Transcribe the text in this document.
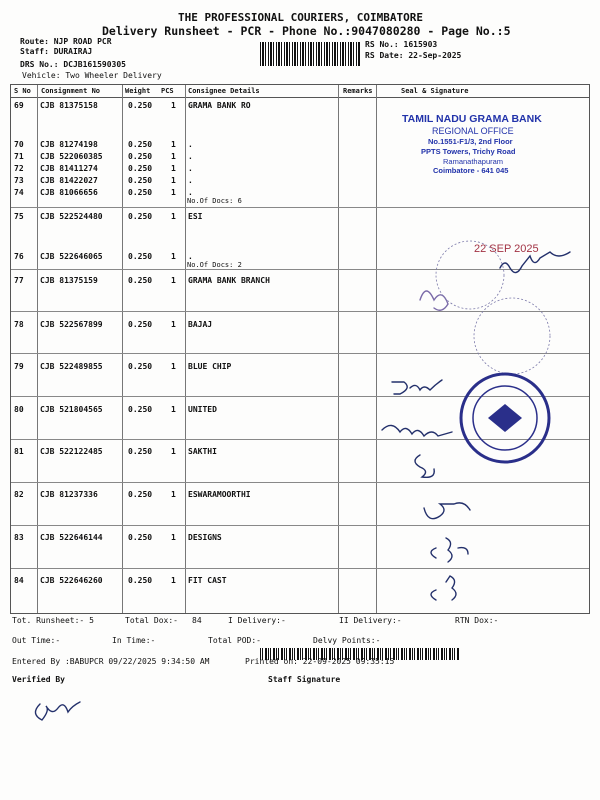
THE PROFESSIONAL COURIERS, COIMBATORE
Delivery Runsheet - PCR - Phone No.:9047080280 - Page No.:5
Route: NJP ROAD PCR
Staff: DURAIRAJ
DRS No.: DCJB161590305
Vehicle: Two Wheeler Delivery
RS No.: 1615903
RS Date: 22-Sep-2025
S No Consignment No	Weight PCS Consignee Details	Remarks	Seal & Signature
69 CJB 81375158	0.250 1 GRAMA BANK RO
70 CJB 81274198	0.250 1 .
71 CJB 522060385	0.250 1 .
72 CJB 81411274	0.250 1 .
73 CJB 81422027	0.250 1 .
74 CJB 81066656	0.250 1 .
75 CJB 522524480	0.250 1 ESI
76 CJB 522646065	0.250 1 .
77 CJB 81375159	0.250 1 GRAMA BANK BRANCH
78 CJB 522567899	0.250 1 BAJAJ
79 CJB 522489855	0.250 1 BLUE CHIP
80 CJB 521804565	0.250 1 UNITED
81 CJB 522122485	0.250 1 SAKTHI
82 CJB 81237336	0.250 1 ESWARAMOORTHI
83 CJB 522646144	0.250 1 DESIGNS
84 CJB 522646260	0.250 1 FIT CAST
No.Of Docs: 6
No.Of Docs: 2
TAMIL NADU GRAMA BANK
REGIONAL OFFICE
No.1551-F1/3, 2nd Floor
PPTS Towers, Trichy Road
Ramanathapuram
Coimbatore - 641 045
22 SEP 2025
Tot. Runsheet:- 5	Total Dox:- 84	I Delivery:-	II Delivery:-	RTN Dox:-
Out Time:-	In Time:-	Total POD:-	Delvy Points:-
Entered By :BABUPCR 09/22/2025 9:34:50 AM	Printed on: 22-09-2025 09:35:15
Verified By	Staff Signature
